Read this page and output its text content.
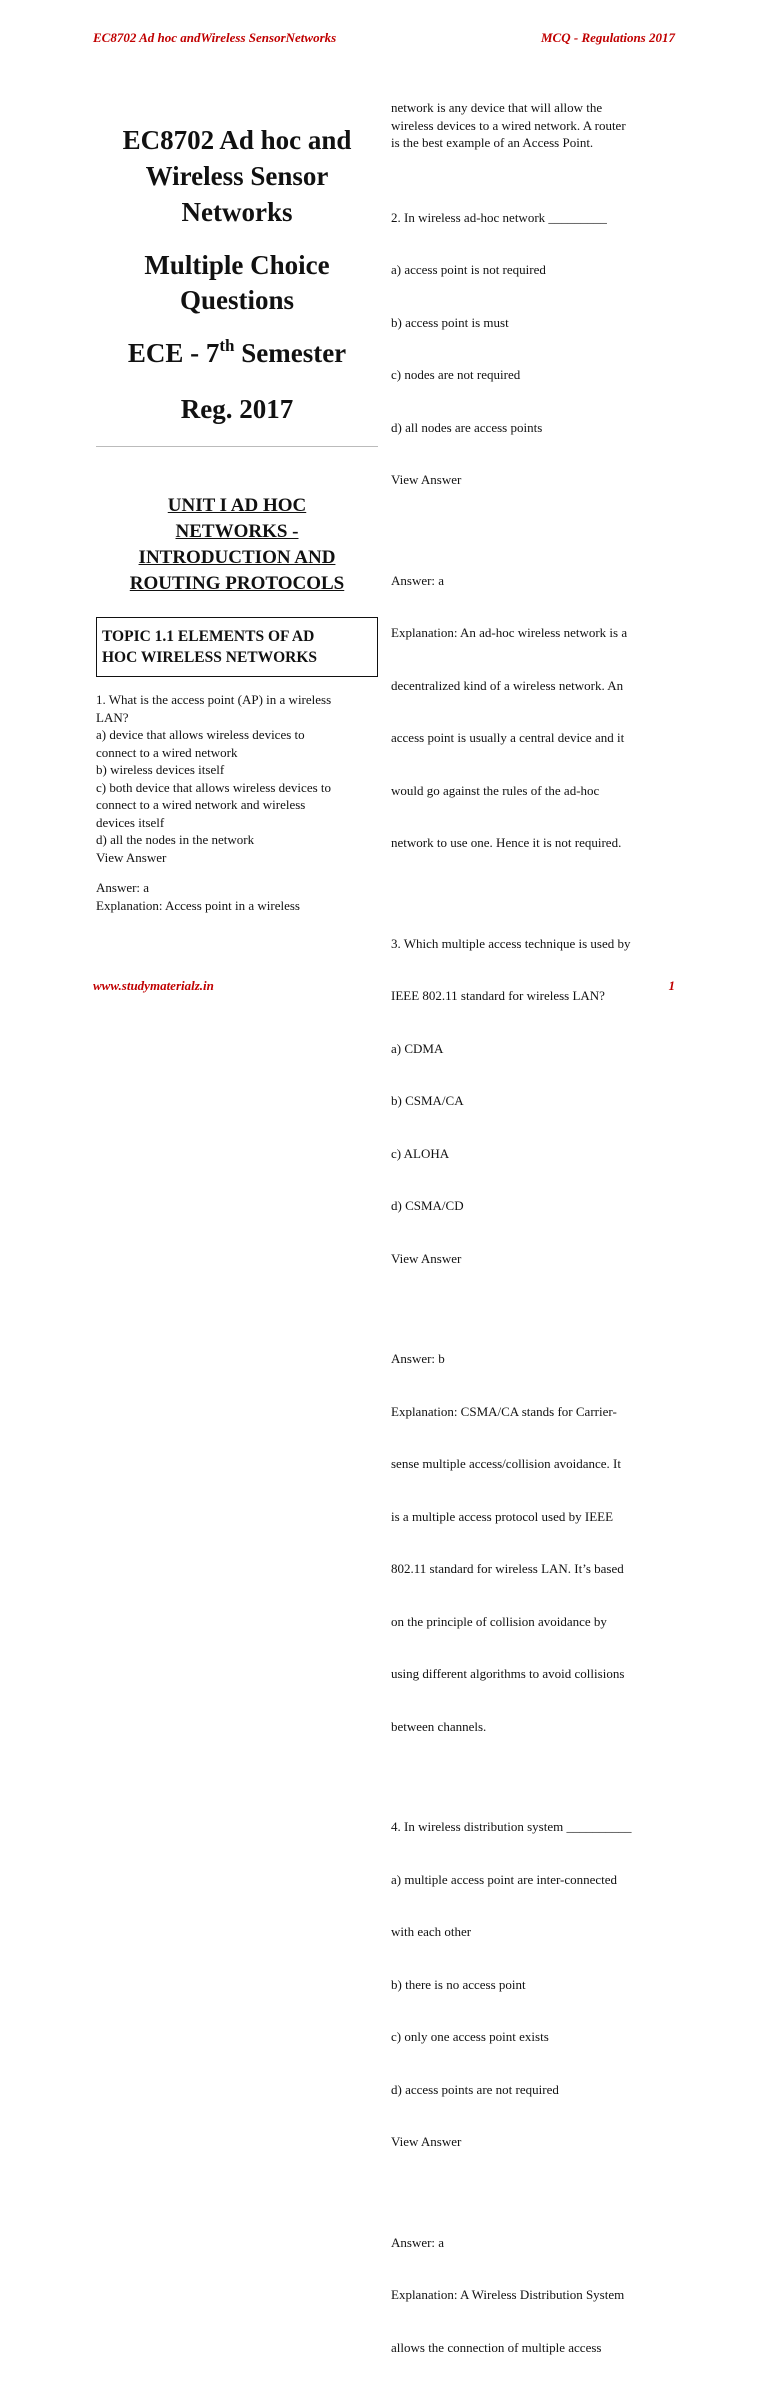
EC8702 Ad hoc andWireless SensorNetworks	MCQ - Regulations 2017
EC8702 Ad hoc and
Wireless Sensor
Networks
Multiple Choice
Questions
ECE - 7th Semester
Reg. 2017
UNIT I AD HOC
NETWORKS -
INTRODUCTION AND
ROUTING PROTOCOLS
TOPIC 1.1 ELEMENTS OF AD
HOC WIRELESS NETWORKS
1. What is the access point (AP) in a wireless
LAN?
a) device that allows wireless devices to
connect to a wired network
b) wireless devices itself
c) both device that allows wireless devices to
connect to a wired network and wireless
devices itself
d) all the nodes in the network
View Answer
Answer: a
Explanation: Access point in a wireless
network is any device that will allow the
wireless devices to a wired network. A router
is the best example of an Access Point.

2. In wireless ad-hoc network _________

a) access point is not required

b) access point is must

c) nodes are not required

d) all nodes are access points

View Answer

Answer: a

Explanation: An ad-hoc wireless network is a

decentralized kind of a wireless network. An

access point is usually a central device and it

would go against the rules of the ad-hoc

network to use one. Hence it is not required.

3. Which multiple access technique is used by

IEEE 802.11 standard for wireless LAN?

a) CDMA

b) CSMA/CA

c) ALOHA

d) CSMA/CD

View Answer

Answer: b

Explanation: CSMA/CA stands for Carrier-

sense multiple access/collision avoidance. It

is a multiple access protocol used by IEEE

802.11 standard for wireless LAN. It’s based

on the principle of collision avoidance by

using different algorithms to avoid collisions

between channels.

4. In wireless distribution system __________

a) multiple access point are inter-connected

with each other

b) there is no access point

c) only one access point exists

d) access points are not required

View Answer

Answer: a

Explanation: A Wireless Distribution System

allows the connection of multiple access

www.studymaterialz.in	1
